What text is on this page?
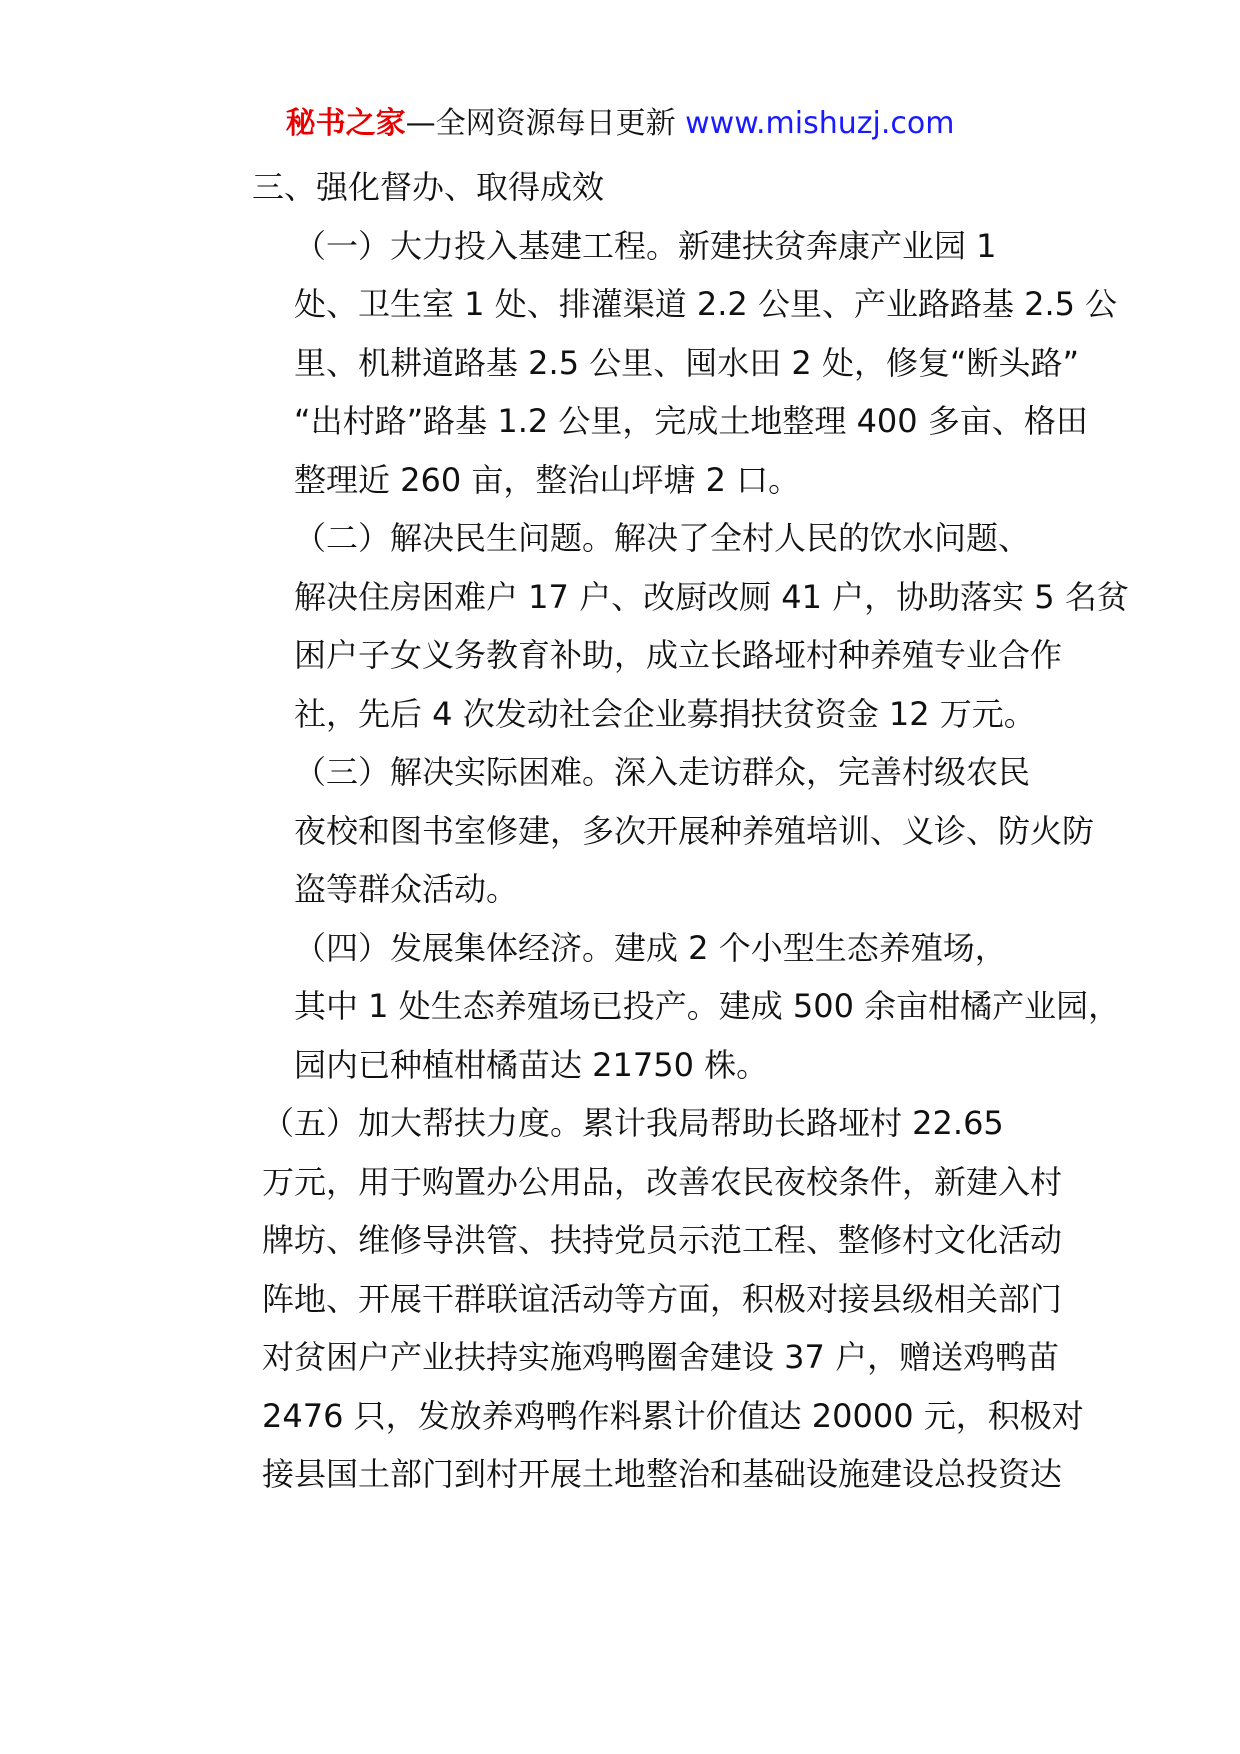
秘书之家—全网资源每日更新 www.mishuzj.com

三、强化督办、取得成效

（一）大力投入基建工程。新建扶贫奔康产业园 1
处、卫生室 1 处、排灌渠道 2.2 公里、产业路路基 2.5 公
里、机耕道路基 2.5 公里、囤水田 2 处，修复“断头路”
“出村路”路基 1.2 公里，完成土地整理 400 多亩、格田
整理近 260 亩，整治山坪塘 2 口。

（二）解决民生问题。解决了全村人民的饮水问题、
解决住房困难户 17 户、改厨改厕 41 户，协助落实 5 名贫
困户子女义务教育补助，成立长路垭村种养殖专业合作
社，先后 4 次发动社会企业募捐扶贫资金 12 万元。

（三）解决实际困难。深入走访群众，完善村级农民
夜校和图书室修建，多次开展种养殖培训、义诊、防火防
盗等群众活动。

（四）发展集体经济。建成 2 个小型生态养殖场，
其中 1 处生态养殖场已投产。建成 500 余亩柑橘产业园，
园内已种植柑橘苗达 21750 株。

（五）加大帮扶力度。累计我局帮助长路垭村 22.65
万元，用于购置办公用品，改善农民夜校条件，新建入村
牌坊、维修导洪管、扶持党员示范工程、整修村文化活动
阵地、开展干群联谊活动等方面，积极对接县级相关部门
对贫困户产业扶持实施鸡鸭圈舍建设 37 户，赠送鸡鸭苗
2476 只，发放养鸡鸭作料累计价值达 20000 元，积极对
接县国土部门到村开展土地整治和基础设施建设总投资达
